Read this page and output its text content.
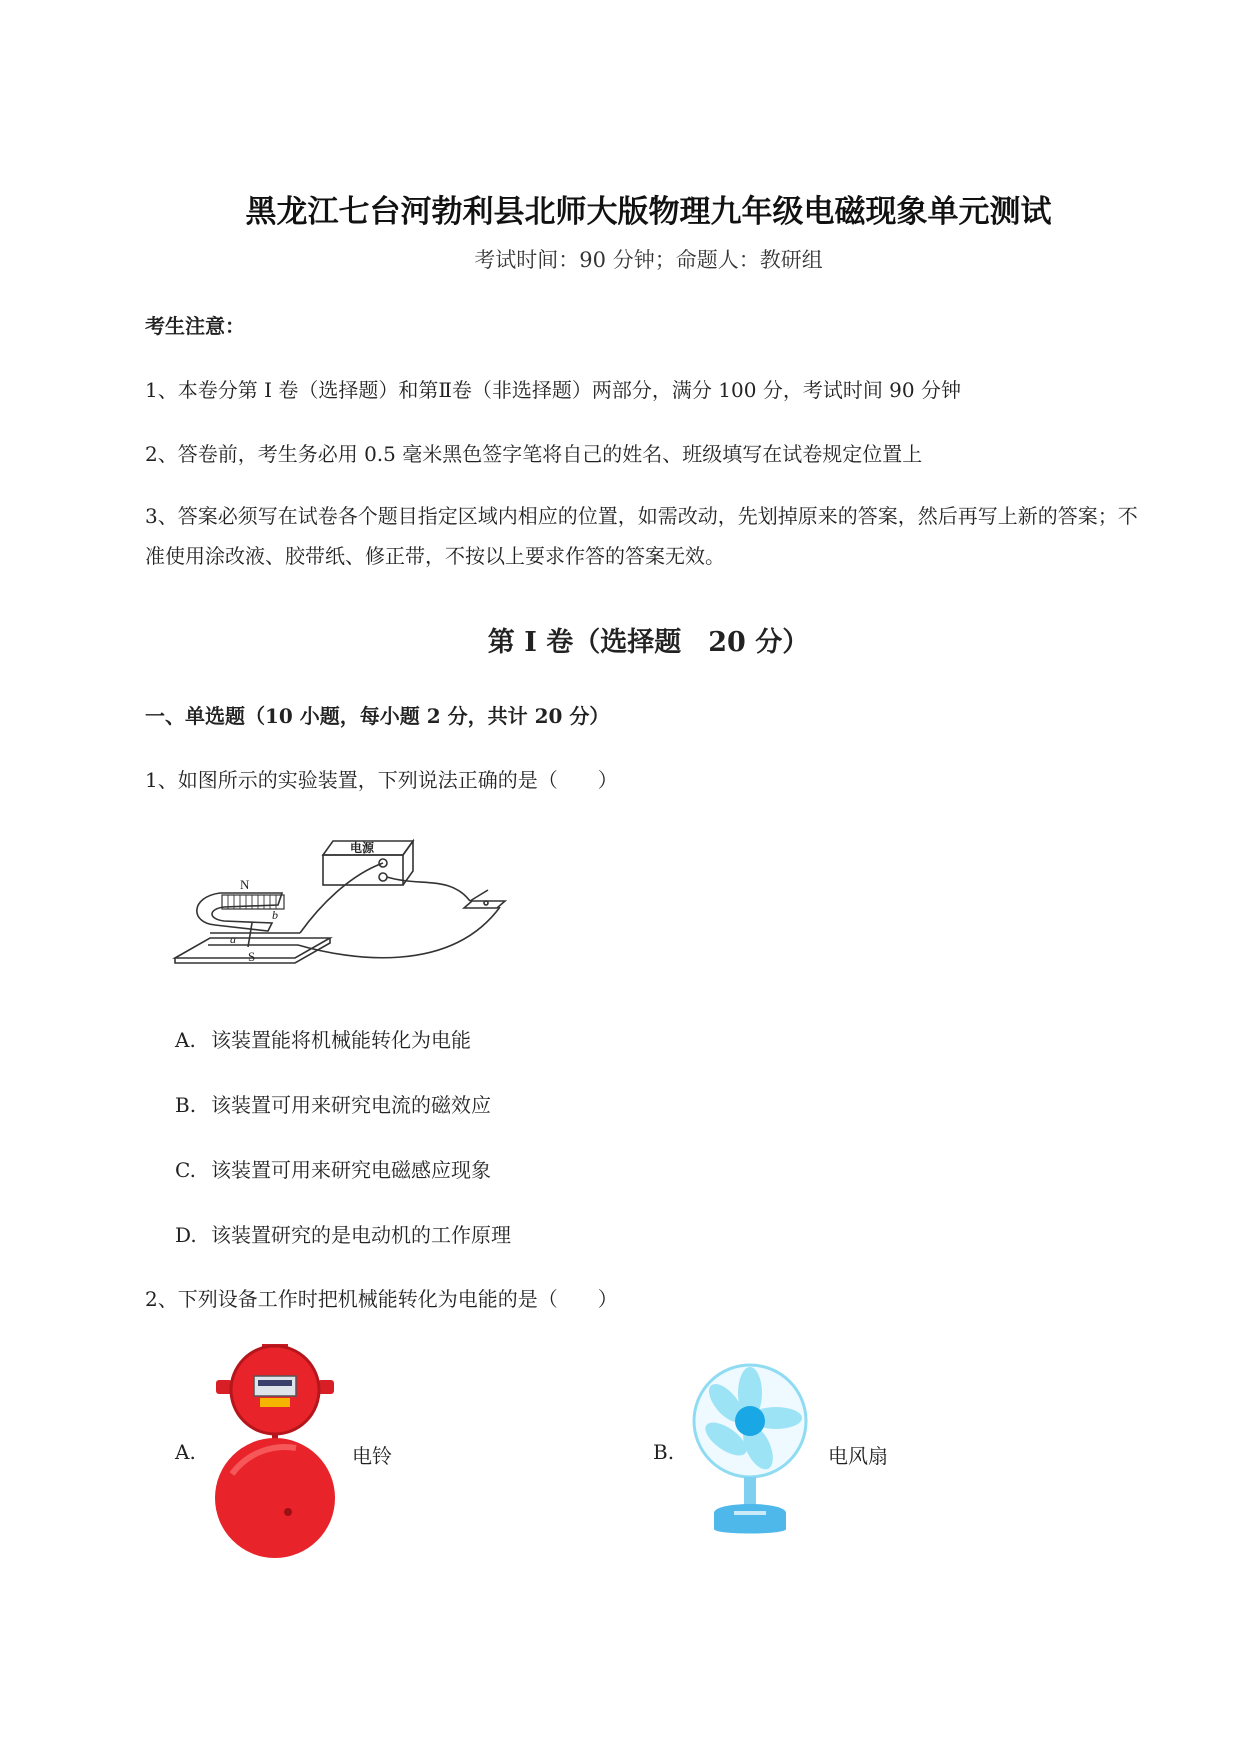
黑龙江七台河勃利县北师大版物理九年级电磁现象单元测试
考试时间：90 分钟；命题人：教研组
考生注意：
1、本卷分第 I 卷（选择题）和第Ⅱ卷（非选择题）两部分，满分 100 分，考试时间 90 分钟
2、答卷前，考生务必用 0.5 毫米黑色签字笔将自己的姓名、班级填写在试卷规定位置上
3、答案必须写在试卷各个题目指定区域内相应的位置，如需改动，先划掉原来的答案，然后再写上新的答案；不准使用涂改液、胶带纸、修正带，不按以上要求作答的答案无效。
第 I 卷（选择题　20 分）
一、单选题（10 小题，每小题 2 分，共计 20 分）
1、如图所示的实验装置，下列说法正确的是（　　）
电源
N
S
a
b
A. 该装置能将机械能转化为电能
B. 该装置可用来研究电流的磁效应
C. 该装置可用来研究电磁感应现象
D. 该装置研究的是电动机的工作原理
2、下列设备工作时把机械能转化为电能的是（　　）
A.	电铃	B.	电风扇
